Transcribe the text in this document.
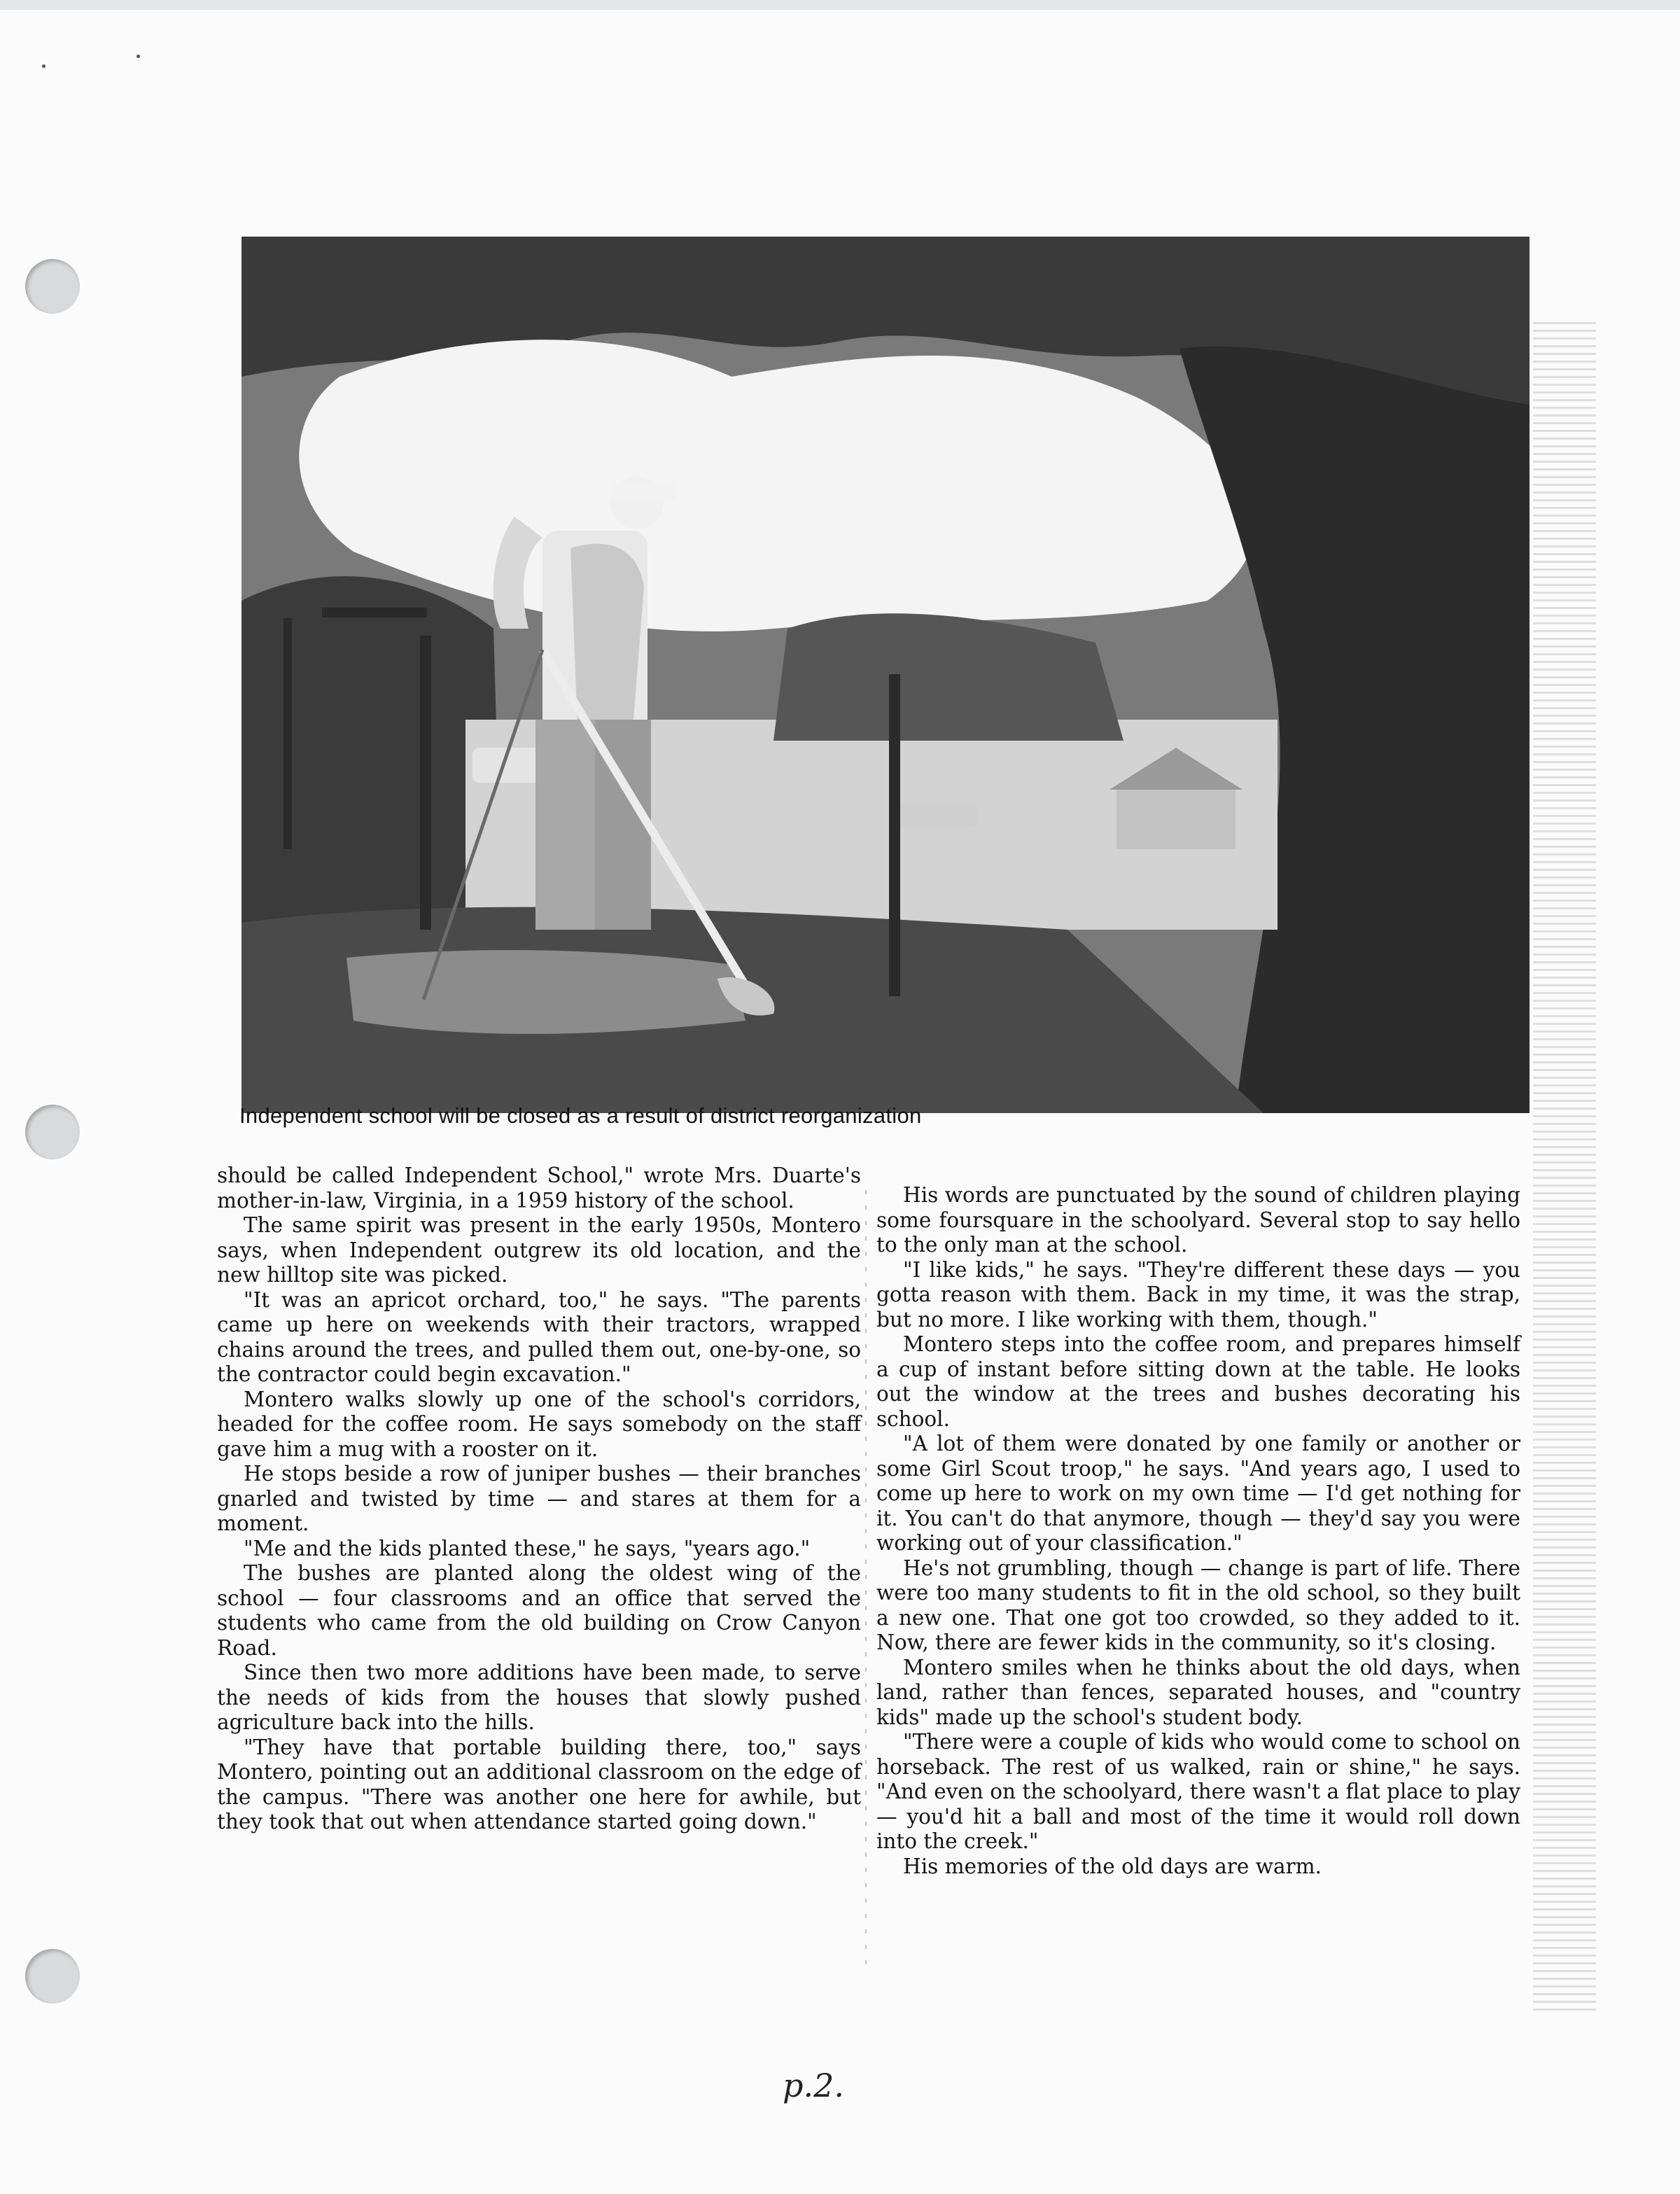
Independent school will be closed as a result of district reorganization

should be called Independent School," wrote Mrs. Duarte's mother-in-law, Virginia, in a 1959 history of the school.

The same spirit was present in the early 1950s, Montero says, when Independent outgrew its old location, and the new hilltop site was picked.

"It was an apricot orchard, too," he says. "The parents came up here on weekends with their tractors, wrapped chains around the trees, and pulled them out, one-by-one, so the contractor could begin excavation."

Montero walks slowly up one of the school's corridors, headed for the coffee room. He says somebody on the staff gave him a mug with a rooster on it.

He stops beside a row of juniper bushes — their branches gnarled and twisted by time — and stares at them for a moment.

"Me and the kids planted these," he says, "years ago."

The bushes are planted along the oldest wing of the school — four classrooms and an office that served the students who came from the old building on Crow Canyon Road.

Since then two more additions have been made, to serve the needs of kids from the houses that slowly pushed agriculture back into the hills.

"They have that portable building there, too," says Montero, pointing out an additional classroom on the edge of the campus. "There was another one here for awhile, but they took that out when attendance started going down."

His words are punctuated by the sound of children playing some foursquare in the schoolyard. Several stop to say hello to the only man at the school.

"I like kids," he says. "They're different these days — you gotta reason with them. Back in my time, it was the strap, but no more. I like working with them, though."

Montero steps into the coffee room, and prepares himself a cup of instant before sitting down at the table. He looks out the window at the trees and bushes decorating his school.

"A lot of them were donated by one family or another or some Girl Scout troop," he says. "And years ago, I used to come up here to work on my own time — I'd get nothing for it. You can't do that anymore, though — they'd say you were working out of your classification."

He's not grumbling, though — change is part of life. There were too many students to fit in the old school, so they built a new one. That one got too crowded, so they added to it. Now, there are fewer kids in the community, so it's closing.

Montero smiles when he thinks about the old days, when land, rather than fences, separated houses, and "country kids" made up the school's student body.

"There were a couple of kids who would come to school on horseback. The rest of us walked, rain or shine," he says. "And even on the schoolyard, there wasn't a flat place to play — you'd hit a ball and most of the time it would roll down into the creek."

His memories of the old days are warm.

p.2.
